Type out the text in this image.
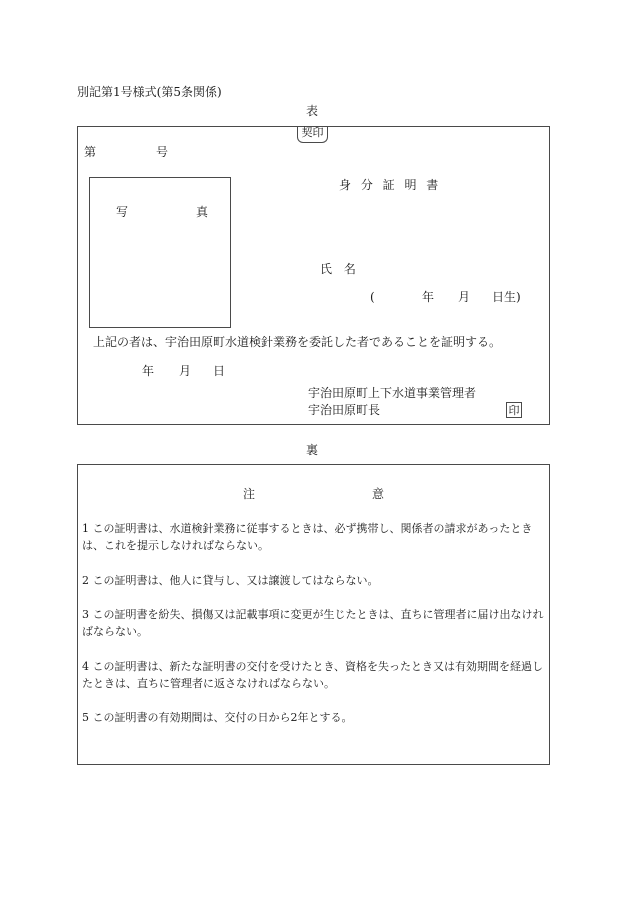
別記第1号様式(第5条関係)
表
契印
第	号
写	真
身 分 証 明 書
氏 名
(	年 月 日生)
上記の者は、宇治田原町水道検針業務を委託した者であることを証明する。
年 月 日
宇治田原町上下水道事業管理者
宇治田原町長	印
裏
注	意
1 この証明書は、水道検針業務に従事するときは、必ず携帯し、関係者の請求があったときは、これを提示しなければならない。
2 この証明書は、他人に貸与し、又は譲渡してはならない。
3 この証明書を紛失、損傷又は記載事項に変更が生じたときは、直ちに管理者に届け出なければならない。
4 この証明書は、新たな証明書の交付を受けたとき、資格を失ったとき又は有効期間を経過したときは、直ちに管理者に返さなければならない。
5 この証明書の有効期間は、交付の日から2年とする。
